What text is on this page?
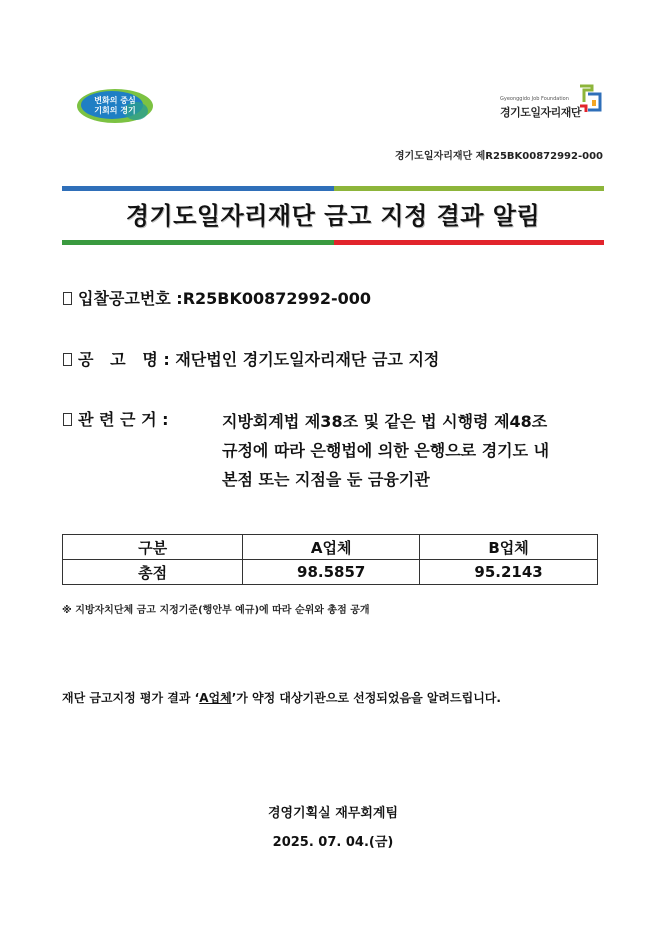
변화의 중심
기회의 경기
Gyeonggido Job Foundation
경기도일자리재단
경기도일자리재단 제R25BK00872992-000
경기도일자리재단 금고 지정 결과 알림
입찰공고번호 :R25BK00872992-000
공   고   명 : 재단법인 경기도일자리재단 금고 지정
관 련 근 거 :	지방회계법 제38조 및 같은 법 시행령 제48조
규정에 따라 은행법에 의한 은행으로 경기도 내
본점 또는 지점을 둔 금융기관
구분	A업체	B업체
총점	98.5857	95.2143
※ 지방자치단체 금고 지정기준(행안부 예규)에 따라 순위와 총점 공개
재단 금고지정 평가 결과 ‘A업체’가 약정 대상기관으로 선정되었음을 알려드립니다.
경영기획실 재무회계팀
2025. 07. 04.(금)
